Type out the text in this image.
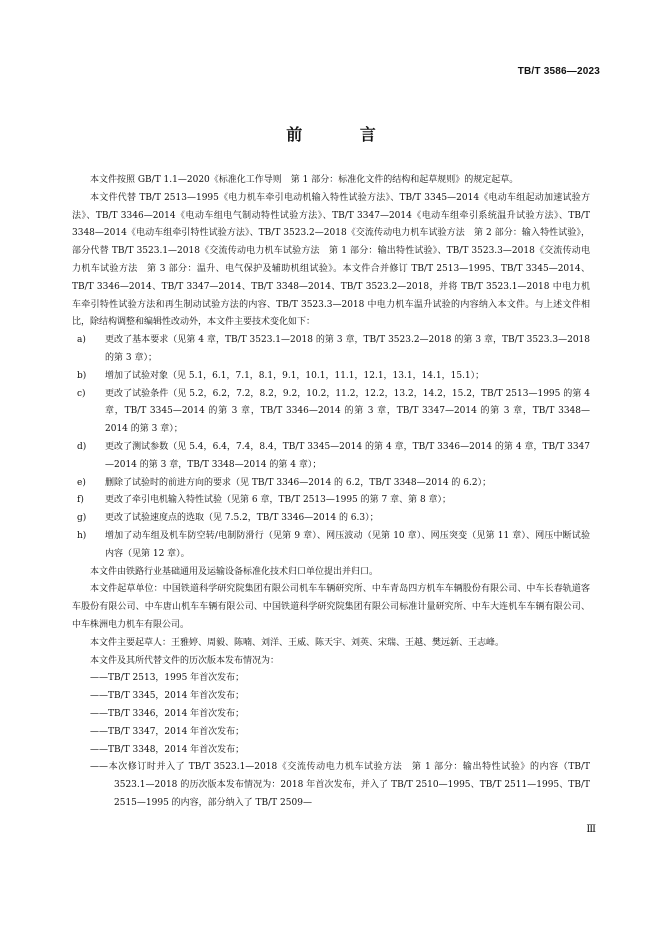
TB/T 3586—2023
前 言

本文件按照 GB/T 1.1—2020《标准化工作导则　第 1 部分：标准化文件的结构和起草规则》的规定起草。

本文件代替 TB/T 2513—1995《电力机车牵引电动机输入特性试验方法》、TB/T 3345—2014《电动车组起动加速试验方法》、TB/T 3346—2014《电动车组电气制动特性试验方法》、TB/T 3347—2014《电动车组牵引系统温升试验方法》、TB/T 3348—2014《电动车组牵引特性试验方法》、TB/T 3523.2—2018《交流传动电力机车试验方法　第 2 部分：输入特性试验》，部分代替 TB/T 3523.1—2018《交流传动电力机车试验方法　第 1 部分：输出特性试验》、TB/T 3523.3—2018《交流传动电力机车试验方法　第 3 部分：温升、电气保护及辅助机组试验》。本文件合并修订 TB/T 2513—1995、TB/T 3345—2014、TB/T 3346—2014、TB/T 3347—2014、TB/T 3348—2014、TB/T 3523.2—2018，并将 TB/T 3523.1—2018 中电力机车牵引特性试验方法和再生制动试验方法的内容、TB/T 3523.3—2018 中电力机车温升试验的内容纳入本文件。与上述文件相比，除结构调整和编辑性改动外，本文件主要技术变化如下：

a) 更改了基本要求（见第 4 章，TB/T 3523.1—2018 的第 3 章，TB/T 3523.2—2018 的第 3 章，TB/T 3523.3—2018 的第 3 章）；

b) 增加了试验对象（见 5.1，6.1，7.1，8.1，9.1，10.1，11.1，12.1，13.1，14.1，15.1）；

c) 更改了试验条件（见 5.2，6.2，7.2，8.2，9.2，10.2，11.2，12.2，13.2，14.2，15.2，TB/T 2513—1995 的第 4 章，TB/T 3345—2014 的第 3 章，TB/T 3346—2014 的第 3 章，TB/T 3347—2014 的第 3 章，TB/T 3348—2014 的第 3 章）；

d) 更改了测试参数（见 5.4，6.4，7.4，8.4，TB/T 3345—2014 的第 4 章，TB/T 3346—2014 的第 4 章，TB/T 3347—2014 的第 3 章，TB/T 3348—2014 的第 4 章）；

e) 删除了试验时的前进方向的要求（见 TB/T 3346—2014 的 6.2，TB/T 3348—2014 的 6.2）；

f) 更改了牵引电机输入特性试验（见第 6 章，TB/T 2513—1995 的第 7 章、第 8 章）；

g) 更改了试验速度点的选取（见 7.5.2，TB/T 3346—2014 的 6.3）；

h) 增加了动车组及机车防空转/电制防滑行（见第 9 章）、网压波动（见第 10 章）、网压突变（见第 11 章）、网压中断试验内容（见第 12 章）。

本文件由铁路行业基础通用及运输设备标准化技术归口单位提出并归口。

本文件起草单位：中国铁道科学研究院集团有限公司机车车辆研究所、中车青岛四方机车车辆股份有限公司、中车长春轨道客车股份有限公司、中车唐山机车车辆有限公司、中国铁道科学研究院集团有限公司标准计量研究所、中车大连机车车辆有限公司、中车株洲电力机车有限公司。

本文件主要起草人：王雅婷、周毅、陈喃、刘洋、王威、陈天宇、刘英、宋瑞、王越、樊远新、王志峰。

本文件及其所代替文件的历次版本发布情况为：

——TB/T 2513，1995 年首次发布；

——TB/T 3345，2014 年首次发布；

——TB/T 3346，2014 年首次发布；

——TB/T 3347，2014 年首次发布；

——TB/T 3348，2014 年首次发布；

——本次修订时并入了 TB/T 3523.1—2018《交流传动电力机车试验方法　第 1 部分：输出特性试验》的内容（TB/T 3523.1—2018 的历次版本发布情况为：2018 年首次发布，并入了 TB/T 2510—1995、TB/T 2511—1995、TB/T 2515—1995 的内容，部分纳入了 TB/T 2509—

Ⅲ
